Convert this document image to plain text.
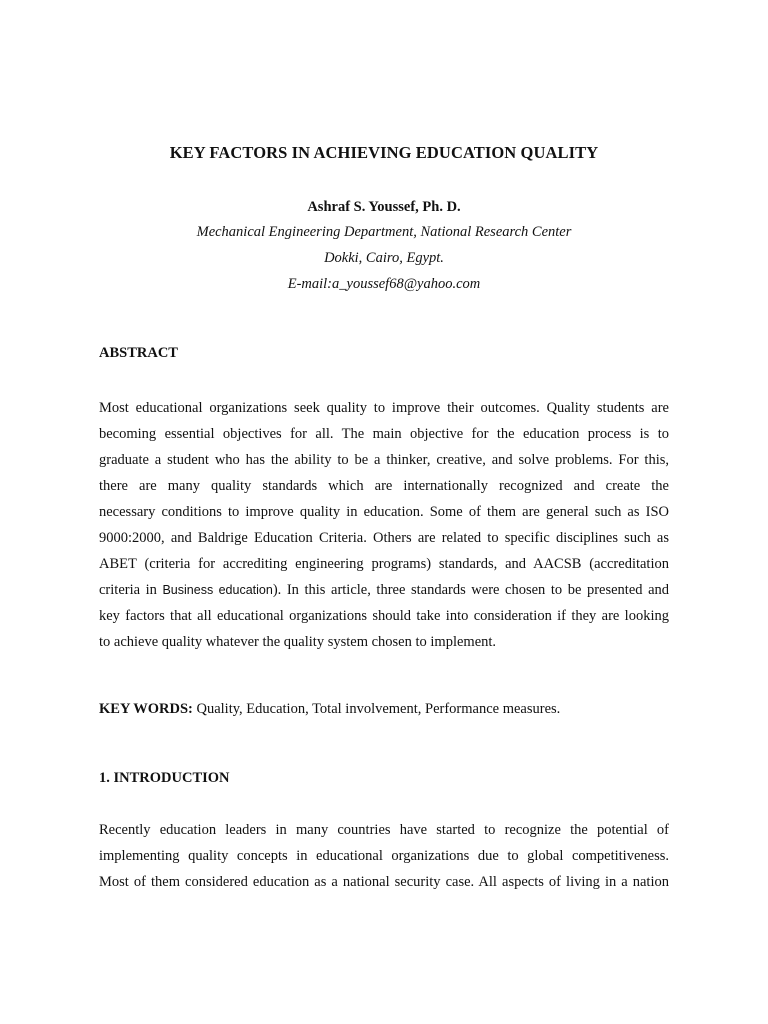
KEY FACTORS IN ACHIEVING EDUCATION QUALITY
Ashraf S. Youssef, Ph. D.
Mechanical Engineering Department, National Research Center
Dokki, Cairo, Egypt.
E-mail:a_youssef68@yahoo.com
ABSTRACT
Most educational organizations seek quality to improve their outcomes. Quality students are
becoming essential objectives for all. The main objective for the education process is to
graduate a student who has the ability to be a thinker, creative, and solve problems. For this,
there are many quality standards which are internationally recognized and create the
necessary conditions to improve quality in education. Some of them are general such as ISO
9000:2000, and Baldrige Education Criteria. Others are related to specific disciplines such as
ABET (criteria for accrediting engineering programs) standards, and AACSB (accreditation
criteria in Business education). In this article, three standards were chosen to be presented and
key factors that all educational organizations should take into consideration if they are looking
to achieve quality whatever the quality system chosen to implement.
KEY WORDS: Quality, Education, Total involvement, Performance measures.
1. INTRODUCTION
Recently education leaders in many countries have started to recognize the potential of
implementing quality concepts in educational organizations due to global competitiveness.
Most of them considered education as a national security case. All aspects of living in a nation
